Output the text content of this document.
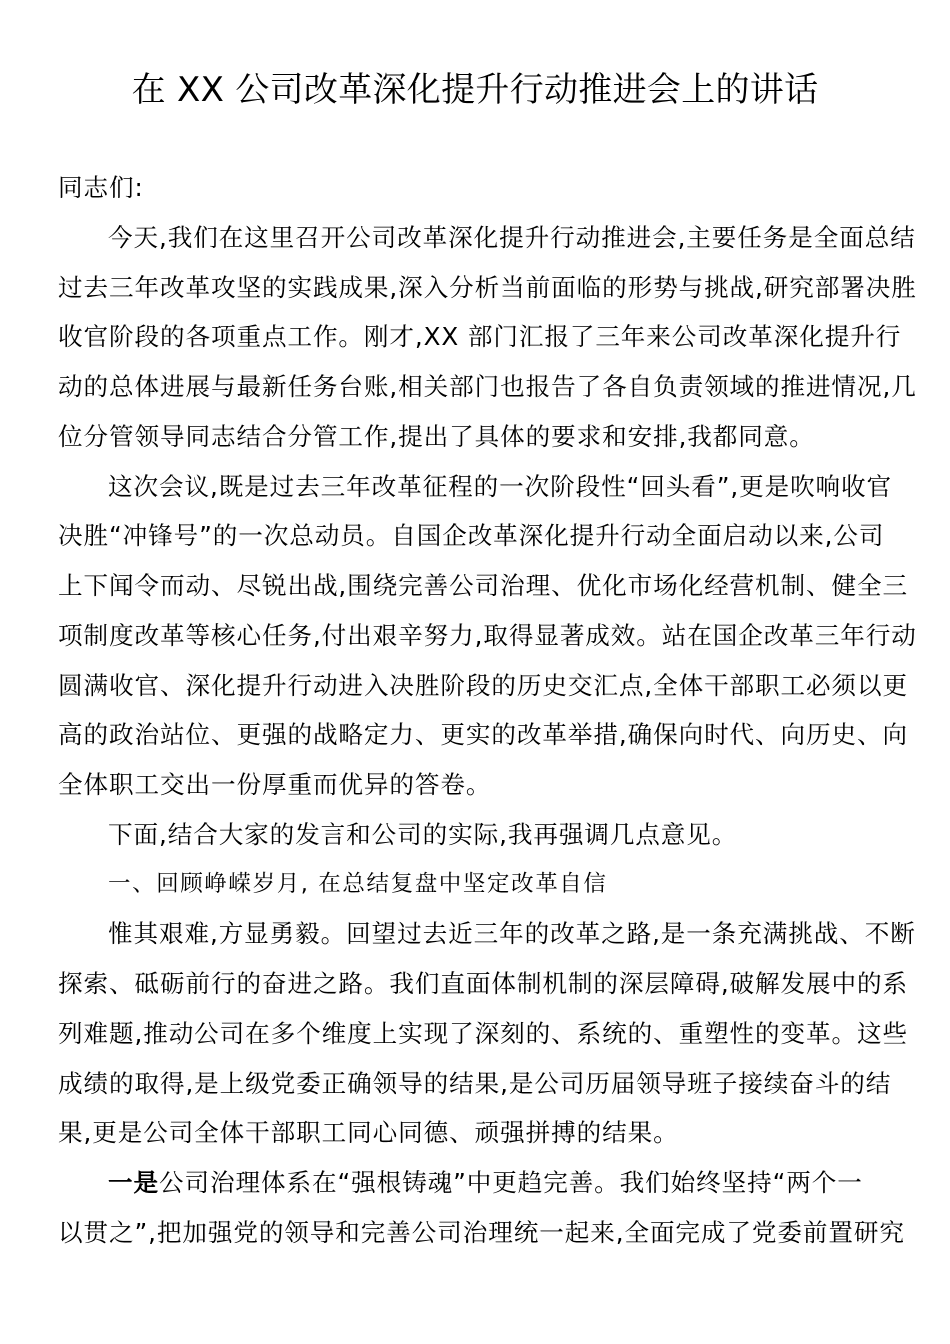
在 XX 公司改革深化提升行动推进会上的讲话
同志们:
今天,我们在这里召开公司改革深化提升行动推进会,主要任务是全面总结
过去三年改革攻坚的实践成果,深入分析当前面临的形势与挑战,研究部署决胜
收官阶段的各项重点工作。刚才,XX 部门汇报了三年来公司改革深化提升行
动的总体进展与最新任务台账,相关部门也报告了各自负责领域的推进情况,几
位分管领导同志结合分管工作,提出了具体的要求和安排,我都同意。
这次会议,既是过去三年改革征程的一次阶段性“回头看”,更是吹响收官
决胜“冲锋号”的一次总动员。自国企改革深化提升行动全面启动以来,公司
上下闻令而动、尽锐出战,围绕完善公司治理、优化市场化经营机制、健全三
项制度改革等核心任务,付出艰辛努力,取得显著成效。站在国企改革三年行动
圆满收官、深化提升行动进入决胜阶段的历史交汇点,全体干部职工必须以更
高的政治站位、更强的战略定力、更实的改革举措,确保向时代、向历史、向
全体职工交出一份厚重而优异的答卷。
下面,结合大家的发言和公司的实际,我再强调几点意见。
一、回顾峥嵘岁月, 在总结复盘中坚定改革自信
惟其艰难,方显勇毅。回望过去近三年的改革之路,是一条充满挑战、不断
探索、砥砺前行的奋进之路。我们直面体制机制的深层障碍,破解发展中的系
列难题,推动公司在多个维度上实现了深刻的、系统的、重塑性的变革。这些
成绩的取得,是上级党委正确领导的结果,是公司历届领导班子接续奋斗的结
果,更是公司全体干部职工同心同德、顽强拼搏的结果。
一是公司治理体系在“强根铸魂”中更趋完善。我们始终坚持“两个一
以贯之”,把加强党的领导和完善公司治理统一起来,全面完成了党委前置研究
